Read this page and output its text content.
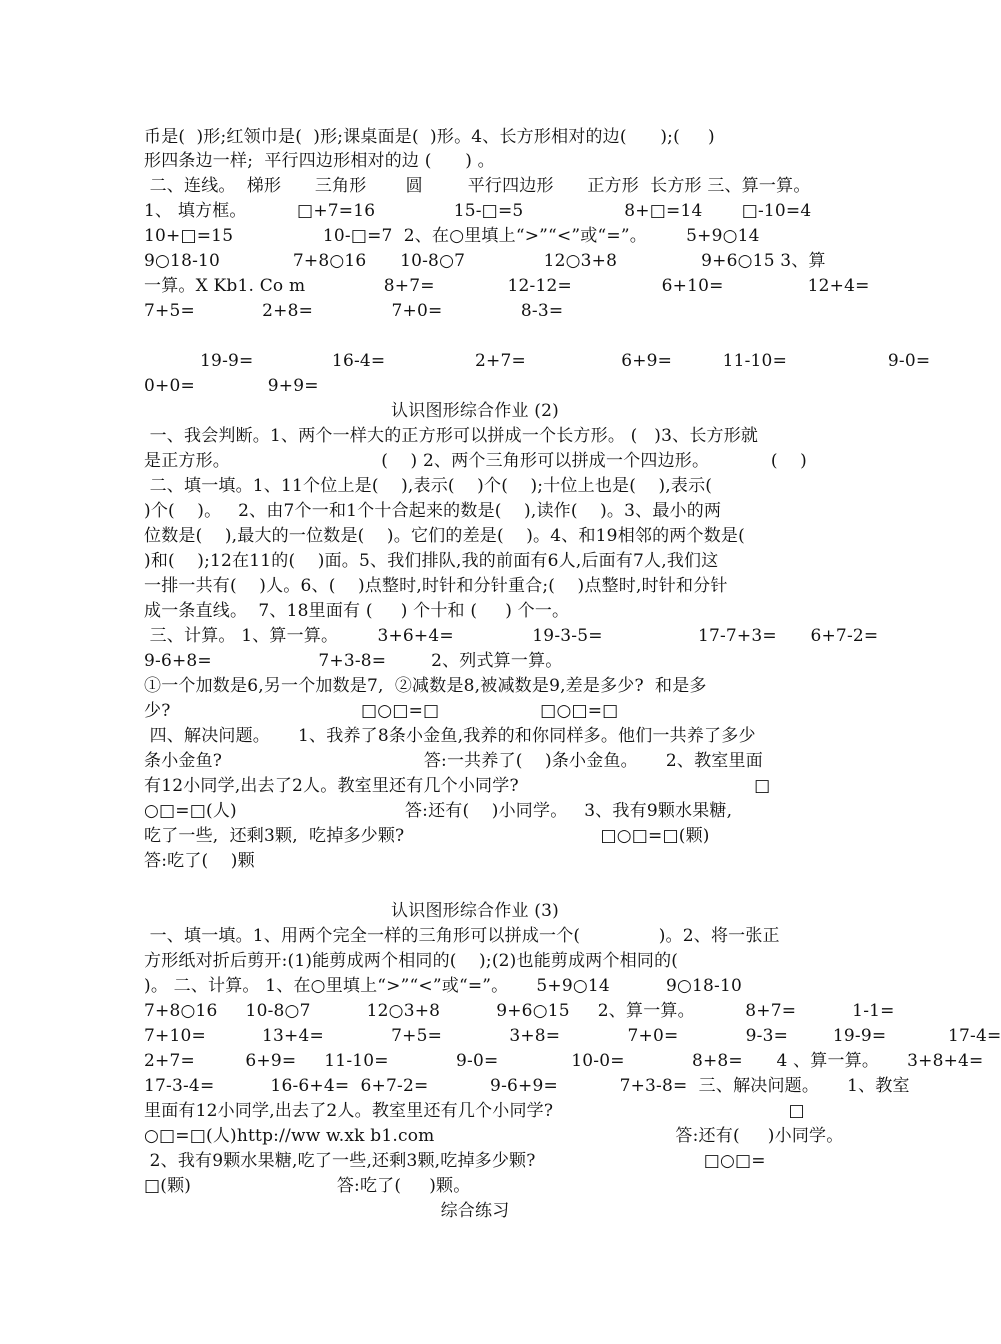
币是(  )形;红领巾是(  )形;课桌面是(  )形。4、长方形相对的边(      );(     )
形四条边一样;  平行四边形相对的边 (      ) 。
二、连线。  梯形      三角形       圆        平行四边形      正方形  长方形 三、算一算。
1、 填方框。         □+7=16              15-□=5                  8+□=14       □-10=4
10+□=15                10-□=7  2、在○里填上“>”“<”或“=”。       5+9○14
9○18-10             7+8○16      10-8○7              12○3+8               9+6○15 3、算
一算。X Kb1. Co m              8+7=             12-12=                6+10=               12+4=
7+5=            2+8=              7+0=              8-3=
19-9=              16-4=                2+7=                 6+9=         11-10=                  9-0=
0+0=             9+9=
认识图形综合作业 (2)
一、我会判断。1、两个一样大的正方形可以拼成一个长方形。 (   )3、长方形就
是正方形。                           (    ) 2、两个三角形可以拼成一个四边形。           (    )
二、填一填。1、11个位上是(    ),表示(    )个(    );十位上也是(    ),表示(
)个(    )。   2、由7个一和1个十合起来的数是(    ),读作(    )。3、最小的两
位数是(    ),最大的一位数是(    )。它们的差是(    )。4、和19相邻的两个数是(
)和(    );12在11的(    )面。5、我们排队,我的前面有6人,后面有7人,我们这
一排一共有(    )人。6、(    )点整时,时针和分针重合;(    )点整时,时针和分针
成一条直线。  7、18里面有 (     ) 个十和 (     ) 个一。
三、计算。 1、算一算。       3+6+4=              19-3-5=                 17-7+3=      6+7-2=
9-6+8=                   7+3-8=        2、列式算一算。
①一个加数是6,另一个加数是7,  ②减数是8,被减数是9,差是多少?  和是多
少?                                  □○□=□                  □○□=□
四、解决问题。     1、我养了8条小金鱼,我养的和你同样多。他们一共养了多少
条小金鱼?                                    答:一共养了(    )条小金鱼。     2、教室里面
有12小同学,出去了2人。教室里还有几个小同学?                                          □
○□=□(人)                              答:还有(    )小同学。   3、我有9颗水果糖,
吃了一些,  还剩3颗,  吃掉多少颗?                                   □○□=□(颗)
答:吃了(    )颗
认识图形综合作业 (3)
一、填一填。1、用两个完全一样的三角形可以拼成一个(              )。2、将一张正
方形纸对折后剪开:(1)能剪成两个相同的(    );(2)也能剪成两个相同的(
)。 二、计算。 1、在○里填上“>”“<”或“=”。     5+9○14          9○18-10
7+8○16     10-8○7          12○3+8          9+6○15     2、算一算。         8+7=          1-1=
7+10=          13+4=            7+5=            3+8=            7+0=            9-3=        19-9=           17-4=
2+7=         6+9=     11-10=            9-0=             10-0=            8+8=      4 、算一算。     3+8+4=
17-3-4=          16-6+4=  6+7-2=           9-6+9=           7+3-8=  三、解决问题。     1、教室
里面有12小同学,出去了2人。教室里还有几个小同学?                                          □
○□=□(人)http://ww w.xk b1.com                                           答:还有(     )小同学。
2、我有9颗水果糖,吃了一些,还剩3颗,吃掉多少颗?                              □○□=
□(颗)                          答:吃了(     )颗。
综合练习
